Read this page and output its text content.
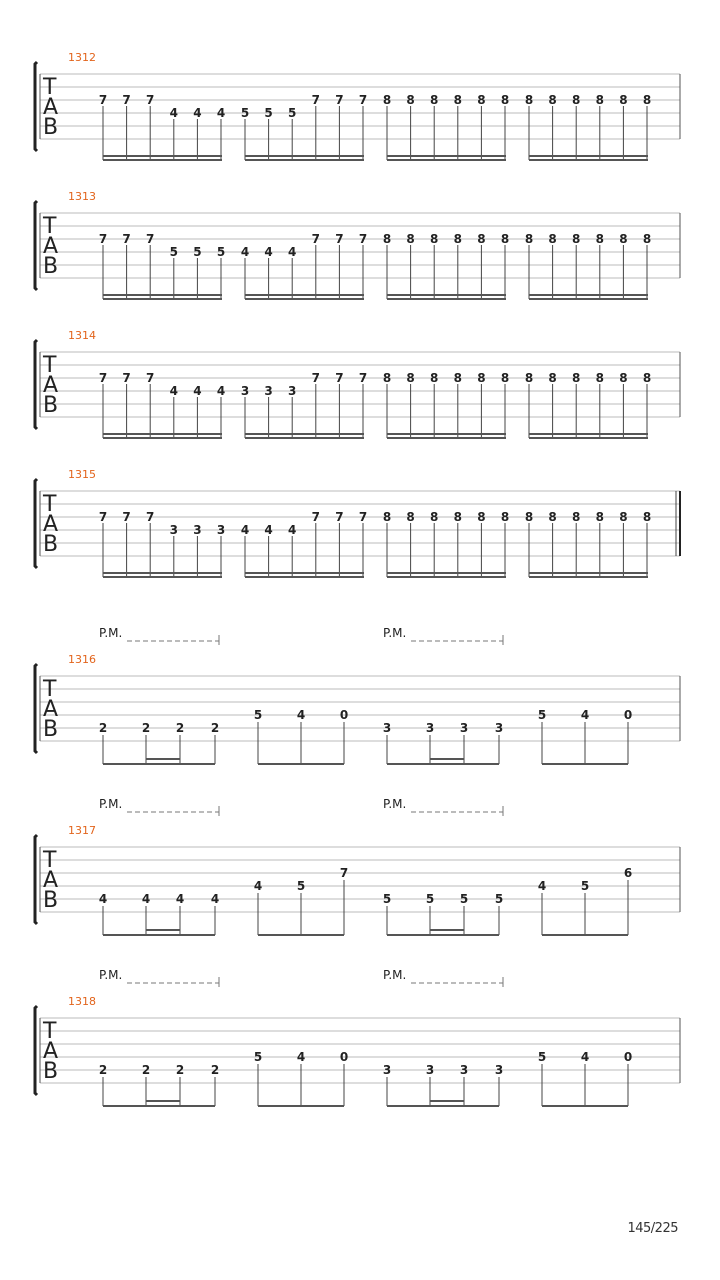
1312
T
A
B
7 7 7
4 4 4 5 5 5
7 7 7 8 8 8 8 8 8 8 8 8 8 8 8
1313
T
A
B
7 7 7
5 5 5 4 4 4
7 7 7 8 8 8 8 8 8 8 8 8 8 8 8
1314
T
A
B
7 7 7
4 4 4 3 3 3
7 7 7 8 8 8 8 8 8 8 8 8 8 8 8
1315
T
A
B
7 7 7
3 3 3 4 4 4
7 7 7 8 8 8 8 8 8 8 8 8 8 8 8
1316
T
A
B
P.M.	P.M.
2	2 2 2
5	4	0
3	3 3 3
5	4	0
1317
T
A
B
P.M.	P.M.
4	4 4 4
4	5
7
5	5 5 5
4	5
6
1318
T
A
B
P.M.	P.M.
2	2 2 2
5	4	0
3	3 3 3
5	4	0
145/225
